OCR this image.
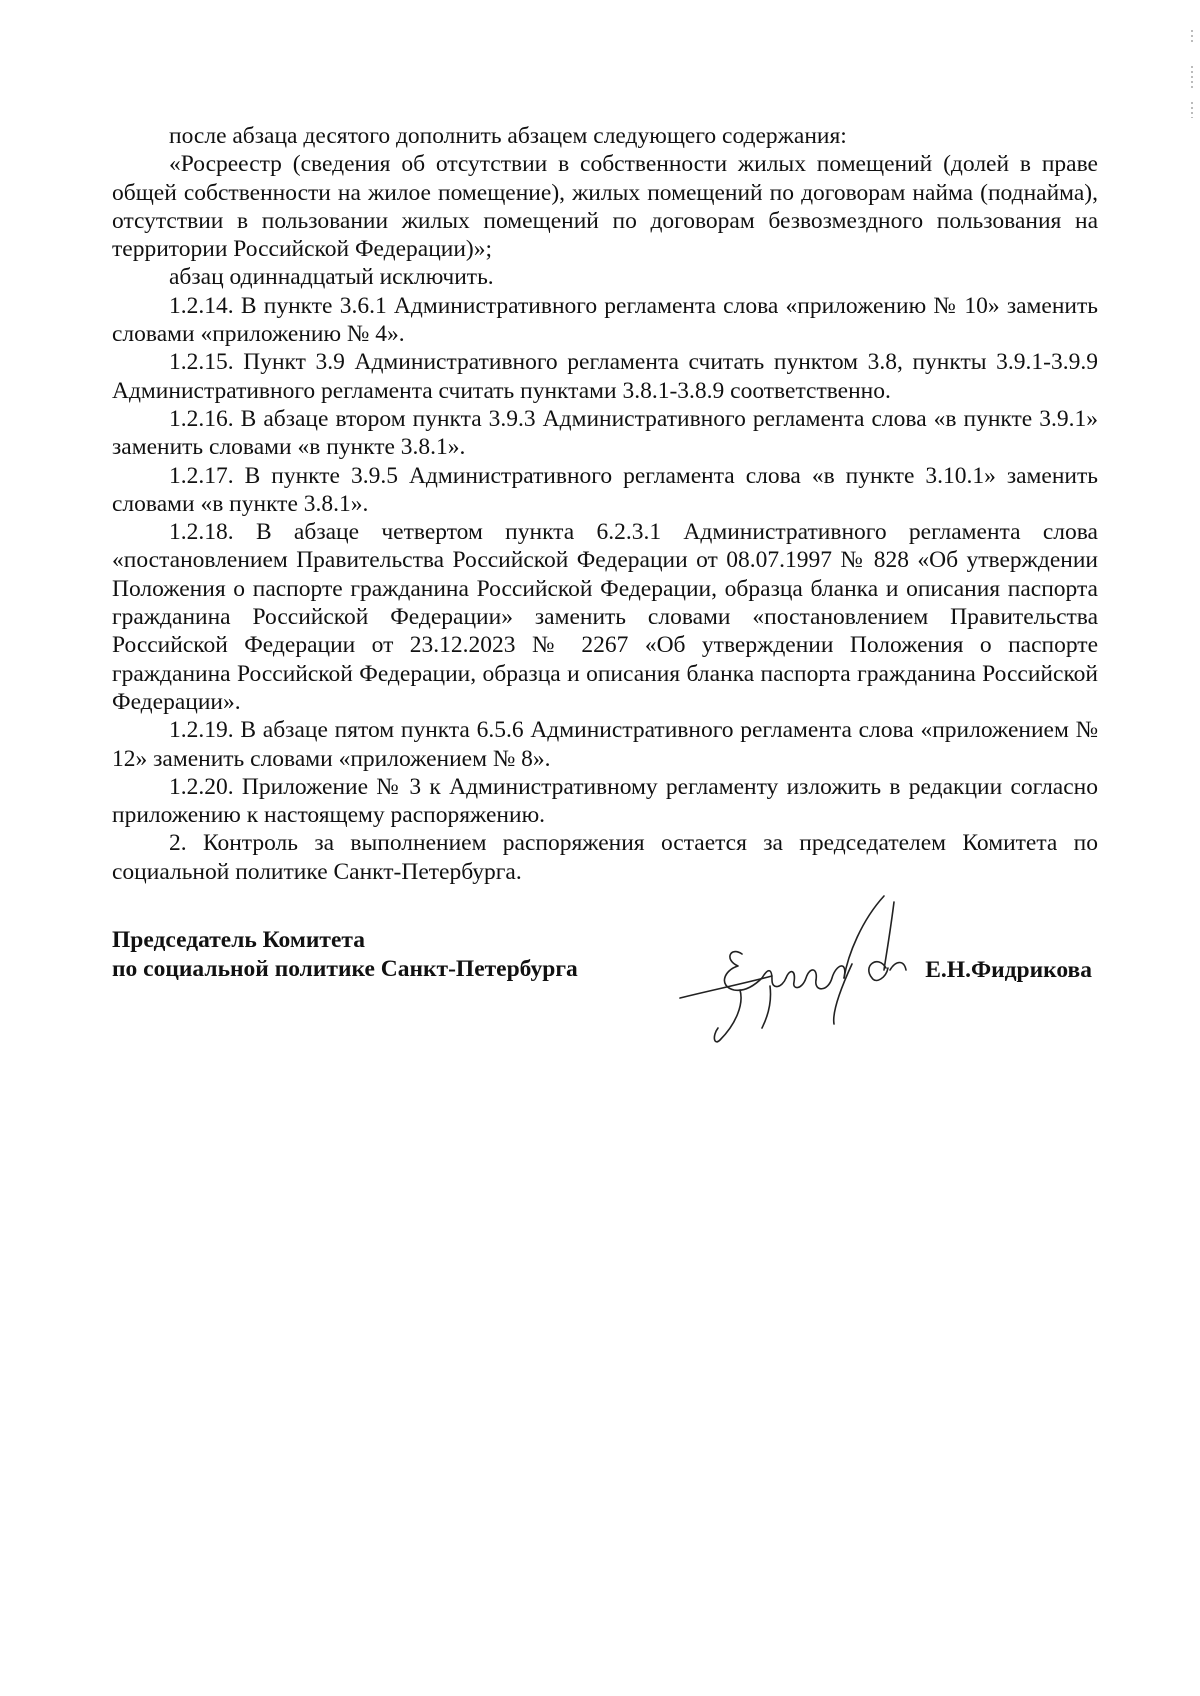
после абзаца десятого дополнить абзацем следующего содержания:

«Росреестр (сведения об отсутствии в собственности жилых помещений (долей в праве общей собственности на жилое помещение), жилых помещений по договорам найма (поднайма), отсутствии в пользовании жилых помещений по договорам безвозмездного пользования на территории Российской Федерации)»;

абзац одиннадцатый исключить.

1.2.14. В пункте 3.6.1 Административного регламента слова «приложению № 10» заменить словами «приложению № 4».

1.2.15. Пункт 3.9 Административного регламента считать пунктом 3.8, пункты 3.9.1-3.9.9 Административного регламента считать пунктами 3.8.1-3.8.9 соответственно.

1.2.16. В абзаце втором пункта 3.9.3 Административного регламента слова «в пункте 3.9.1» заменить словами «в пункте 3.8.1».

1.2.17. В пункте 3.9.5 Административного регламента слова «в пункте 3.10.1» заменить словами «в пункте 3.8.1».

1.2.18. В абзаце четвертом пункта 6.2.3.1 Административного регламента слова «постановлением Правительства Российской Федерации от 08.07.1997 № 828 «Об утверждении Положения о паспорте гражданина Российской Федерации, образца бланка и описания паспорта гражданина Российской Федерации» заменить словами «постановлением Правительства Российской Федерации от 23.12.2023 № 2267 «Об утверждении Положения о паспорте гражданина Российской Федерации, образца и описания бланка паспорта гражданина Российской Федерации».

1.2.19. В абзаце пятом пункта 6.5.6 Административного регламента слова «приложением № 12» заменить словами «приложением № 8».

1.2.20. Приложение № 3 к Административному регламенту изложить в редакции согласно приложению к настоящему распоряжению.

2. Контроль за выполнением распоряжения остается за председателем Комитета по социальной политике Санкт-Петербурга.

Председатель Комитета
по социальной политике Санкт-Петербурга	Е.Н.Фидрикова
